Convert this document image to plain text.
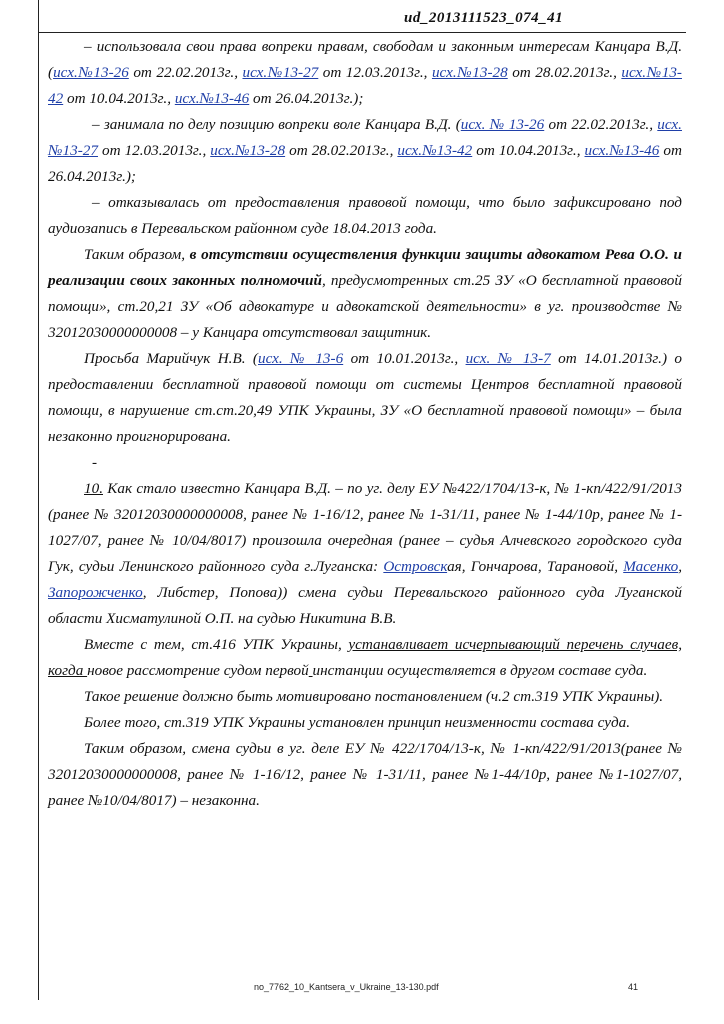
ud_2013111523_074_41

– использовала свои права вопреки правам, свободам и законным интересам Канцара В.Д. (исх.№13-26 от 22.02.2013г., исх.№13-27 от 12.03.2013г., исх.№13-28 от 28.02.2013г., исх.№13-42 от 10.04.2013г., исх.№13-46 от 26.04.2013г.);

– занимала по делу позицию вопреки воле Канцара В.Д. (исх. № 13-26 от 22.02.2013г., исх.№13-27 от 12.03.2013г., исх.№13-28 от 28.02.2013г., исх.№13-42 от 10.04.2013г., исх.№13-46 от 26.04.2013г.);

– отказывалась от предоставления правовой помощи, что было зафиксировано под аудиозапись в Перевальском районном суде 18.04.2013 года.

Таким образом, в отсутствии осуществления функции защиты адвокатом Рева О.О. и реализации своих законных полномочий, предусмотренных ст.25 ЗУ «О бесплатной правовой помощи», ст.20,21 ЗУ «Об адвокатуре и адвокатской деятельности» в уг. производстве № 32012030000000008 – у Канцара отсутствовал защитник.

Просьба Марийчук Н.В. (исх. № 13-6 от 10.01.2013г., исх. № 13-7 от 14.01.2013г.) о предоставлении бесплатной правовой помощи от системы Центров бесплатной правовой помощи, в нарушение ст.ст.20,49 УПК Украины, ЗУ «О бесплатной правовой помощи» – была незаконно проигнорирована.

-

10. Как стало известно Канцара В.Д. – по уг. делу ЕУ №422/1704/13-к, № 1-кп/422/91/2013 (ранее № 32012030000000008, ранее № 1-16/12, ранее № 1-31/11, ранее № 1-44/10р, ранее № 1-1027/07, ранее № 10/04/8017) произошла очередная (ранее – судья Алчевского городского суда Гук, судьи Ленинского районного суда г.Луганска: Островская, Гончарова, Тарановой, Масенко, Запорожченко, Либстер, Попова)) смена судьи Перевальского районного суда Луганской области Хисматулиной О.П. на судью Никитина В.В.

Вместе с тем, ст.416 УПК Украины, устанавливает исчерпывающий перечень случаев, когда новое рассмотрение судом первой инстанции осуществляется в другом составе суда.

Такое решение должно быть мотивировано постановлением (ч.2 ст.319 УПК Украины).

Более того, ст.319 УПК Украины установлен принцип неизменности состава суда.

Таким образом, смена судьи в уг. деле ЕУ № 422/1704/13-к, № 1-кп/422/91/2013(ранее № 32012030000000008, ранее № 1-16/12, ранее № 1-31/11, ранее №1-44/10р, ранее №1-1027/07, ранее №10/04/8017) – незаконна.

no_7762_10_Kantsera_v_Ukraine_13-130.pdf	41
